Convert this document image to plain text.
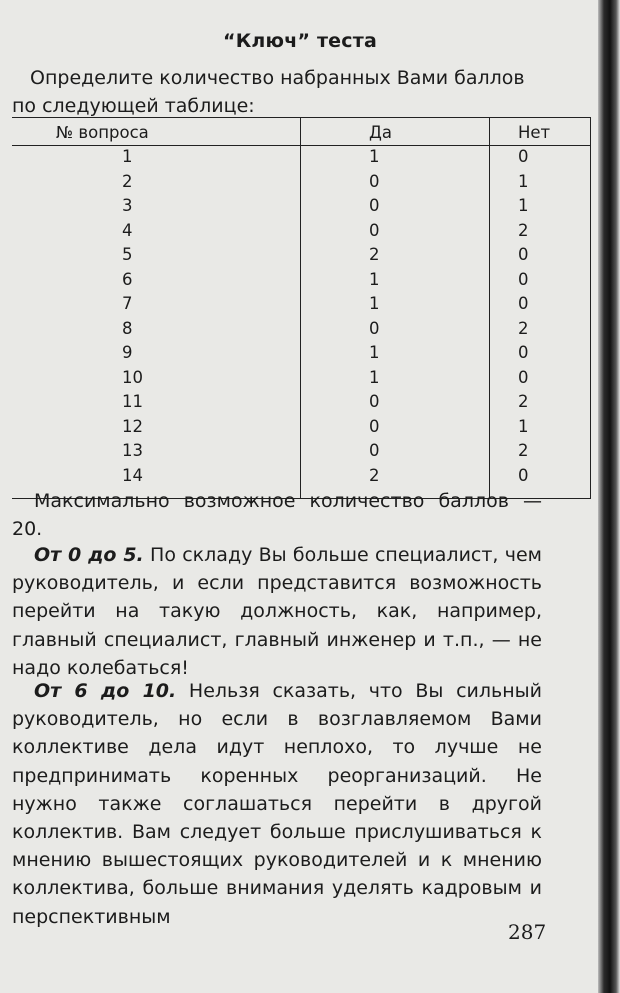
“Ключ” теста

Определите количество набранных Вами баллов
по следующей таблице:

№ вопроса	Да	Нет
1	1	0
2	0	1
3	0	1
4	0	2
5	2	0
6	1	0
7	1	0
8	0	2
9	1	0
10	1	0
11	0	2
12	0	1
13	0	2
14	2	0

Максимально возможное количество баллов — 20.

От 0 до 5. По складу Вы больше специалист, чем руководитель, и если представится возможность перейти на такую должность, как, например, главный специалист, главный инженер и т.п., — не надо колебаться!

От 6 до 10. Нельзя сказать, что Вы сильный руководитель, но если в возглавляемом Вами коллективе дела идут неплохо, то лучше не предпринимать коренных реорганизаций. Не нужно также соглашаться перейти в другой коллектив. Вам следует больше прислушиваться к мнению вышестоящих руководителей и к мнению коллектива, больше внимания уделять кадровым и перспективным

287
